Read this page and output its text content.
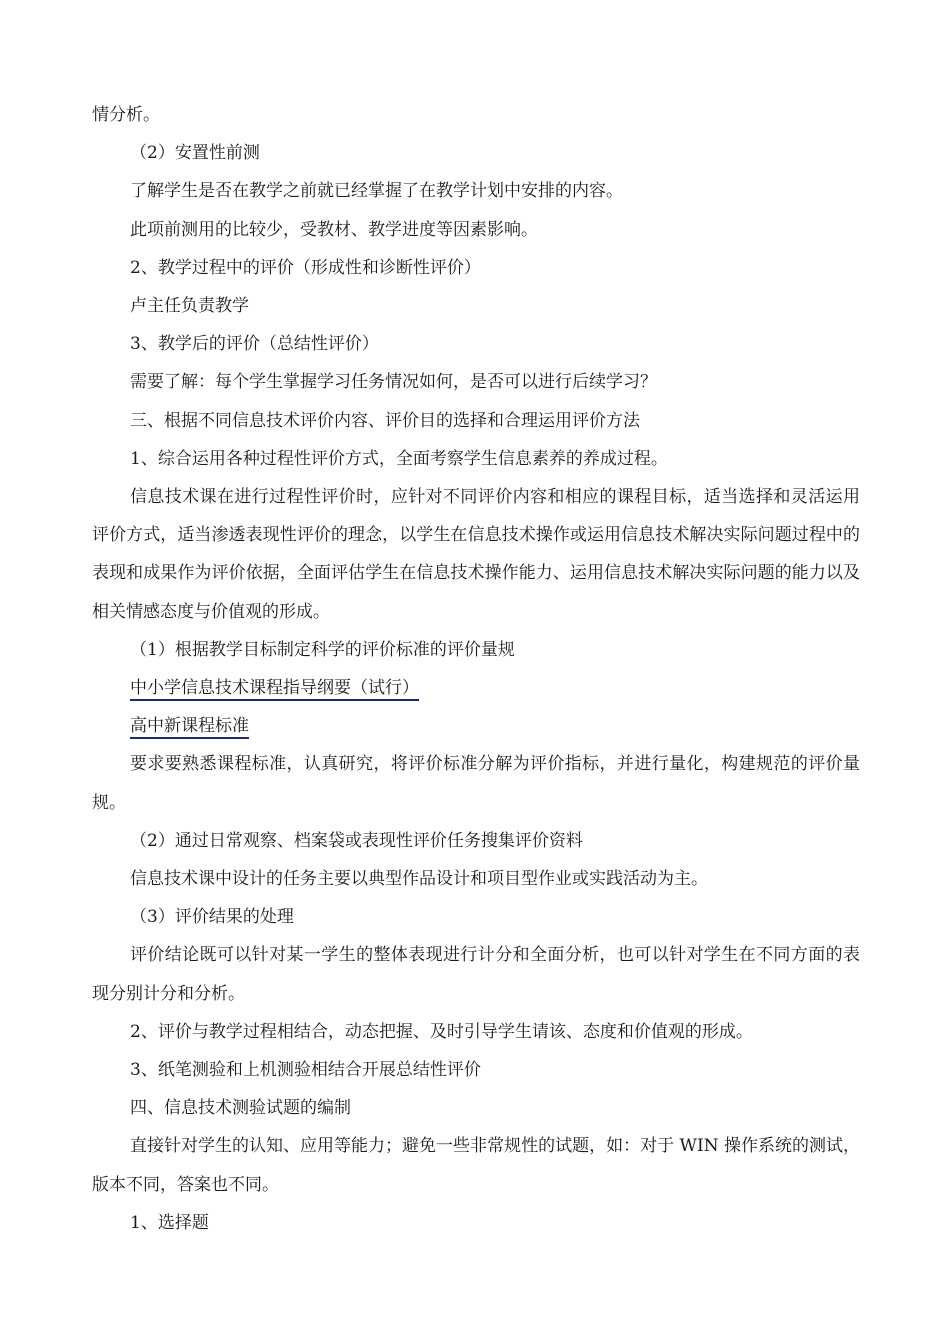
情分析。

（2）安置性前测

了解学生是否在教学之前就已经掌握了在教学计划中安排的内容。

此项前测用的比较少，受教材、教学进度等因素影响。

2、教学过程中的评价（形成性和诊断性评价）

卢主任负责教学

3、教学后的评价（总结性评价）

需要了解：每个学生掌握学习任务情况如何，是否可以进行后续学习？

三、根据不同信息技术评价内容、评价目的选择和合理运用评价方法

1、综合运用各种过程性评价方式，全面考察学生信息素养的养成过程。

信息技术课在进行过程性评价时，应针对不同评价内容和相应的课程目标，适当选择和灵活运用评价方式，适当渗透表现性评价的理念，以学生在信息技术操作或运用信息技术解决实际问题过程中的表现和成果作为评价依据，全面评估学生在信息技术操作能力、运用信息技术解决实际问题的能力以及相关情感态度与价值观的形成。

（1）根据教学目标制定科学的评价标准的评价量规

中小学信息技术课程指导纲要（试行）
高中新课程标准

要求要熟悉课程标准，认真研究，将评价标准分解为评价指标，并进行量化，构建规范的评价量规。

（2）通过日常观察、档案袋或表现性评价任务搜集评价资料

信息技术课中设计的任务主要以典型作品设计和项目型作业或实践活动为主。

（3）评价结果的处理

评价结论既可以针对某一学生的整体表现进行计分和全面分析，也可以针对学生在不同方面的表现分别计分和分析。

2、评价与教学过程相结合，动态把握、及时引导学生请该、态度和价值观的形成。

3、纸笔测验和上机测验相结合开展总结性评价

四、信息技术测验试题的编制

直接针对学生的认知、应用等能力；避免一些非常规性的试题，如：对于 WIN 操作系统的测试，版本不同，答案也不同。

1、选择题
